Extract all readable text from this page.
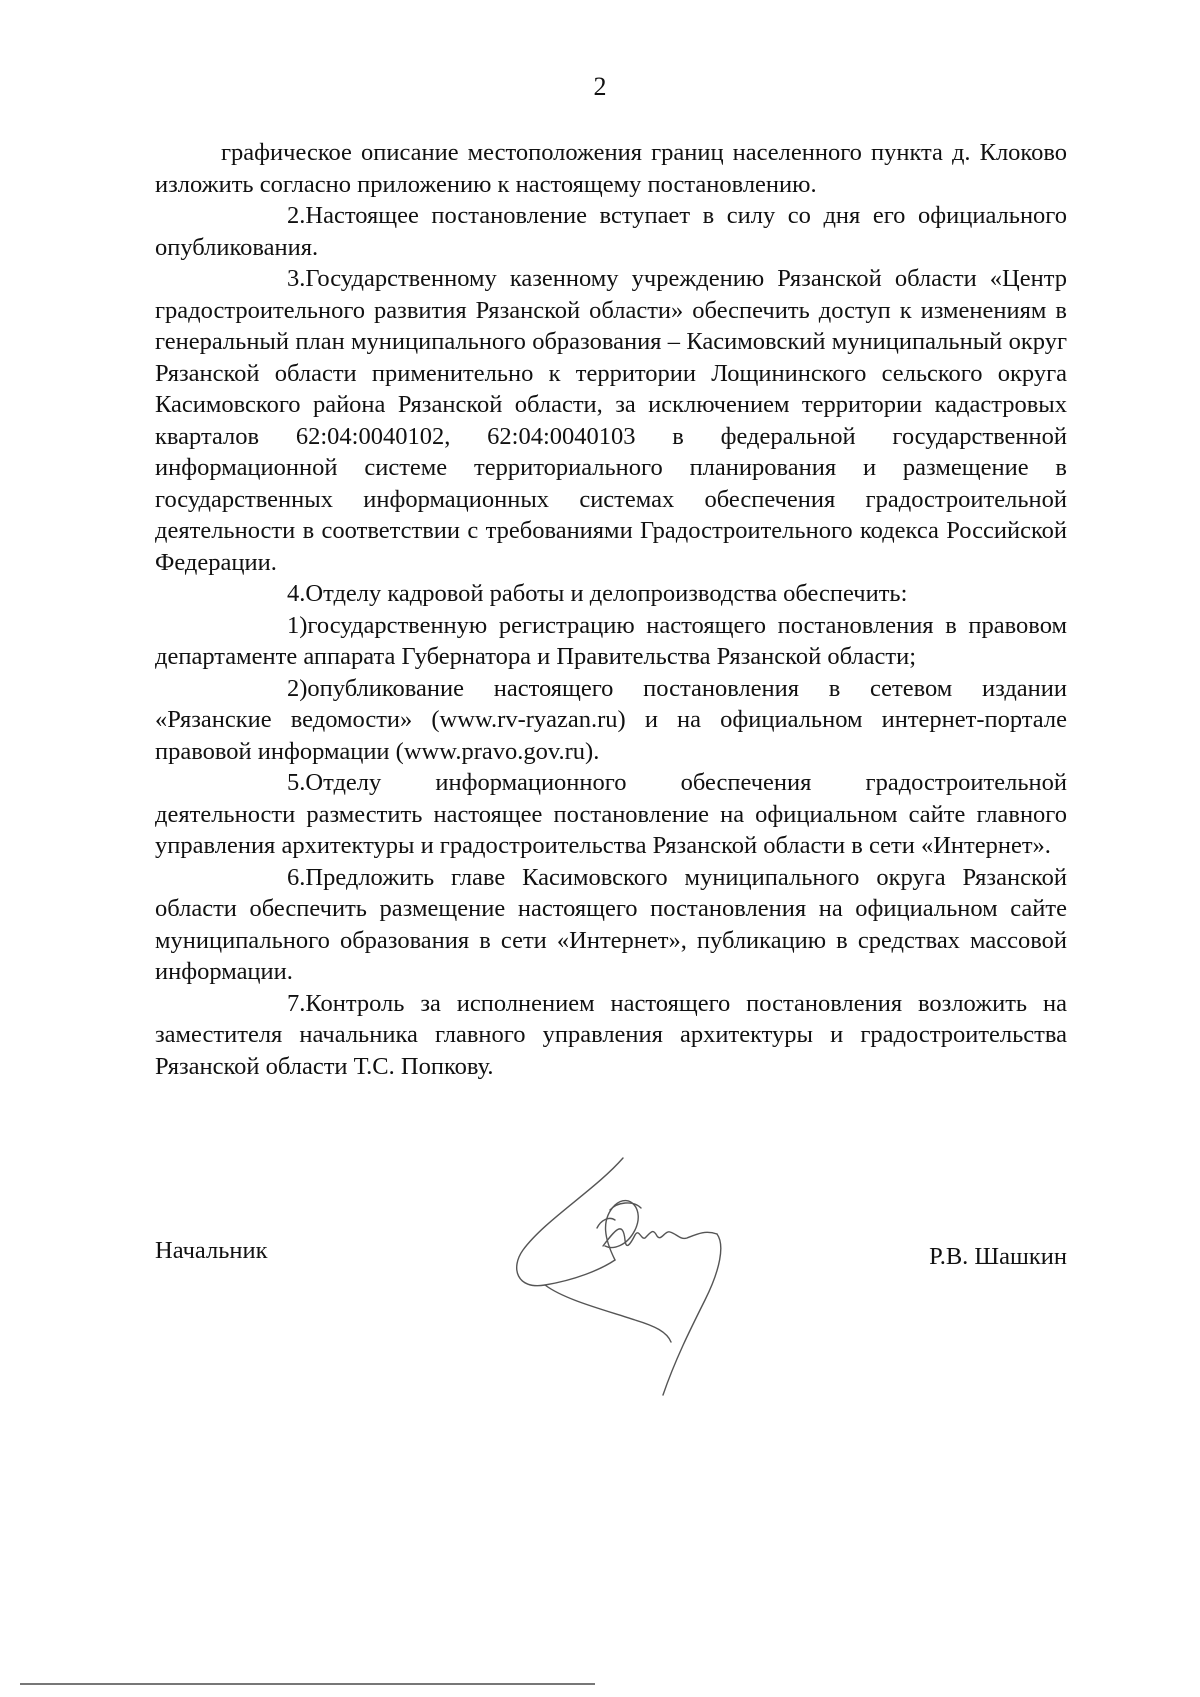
2

графическое описание местоположения границ населенного пункта д. Клоково изложить согласно приложению к настоящему постановлению.

2.Настоящее постановление вступает в силу со дня его официального опубликования.

3.Государственному казенному учреждению Рязанской области «Центр градостроительного развития Рязанской области» обеспечить доступ к изменениям в генеральный план муниципального образования – Касимовский муниципальный округ Рязанской области применительно к территории Лощининского сельского округа Касимовского района Рязанской области, за исключением территории кадастровых кварталов 62:04:0040102, 62:04:0040103 в федеральной государственной информационной системе территориального планирования и размещение в государственных информационных системах обеспечения градостроительной деятельности в соответствии с требованиями Градостроительного кодекса Российской Федерации.

4.Отделу кадровой работы и делопроизводства обеспечить:

1)государственную регистрацию настоящего постановления в правовом департаменте аппарата Губернатора и Правительства Рязанской области;

2)опубликование настоящего постановления в сетевом издании «Рязанские ведомости» (www.rv-ryazan.ru) и на официальном интернет-портале правовой информации (www.pravo.gov.ru).

5.Отделу информационного обеспечения градостроительной деятельности разместить настоящее постановление на официальном сайте главного управления архитектуры и градостроительства Рязанской области в сети «Интернет».

6.Предложить главе Касимовского муниципального округа Рязанской области обеспечить размещение настоящего постановления на официальном сайте муниципального образования в сети «Интернет», публикацию в средствах массовой информации.

7.Контроль за исполнением настоящего постановления возложить на заместителя начальника главного управления архитектуры и градостроительства Рязанской области Т.С. Попкову.

Начальник	Р.В. Шашкин
